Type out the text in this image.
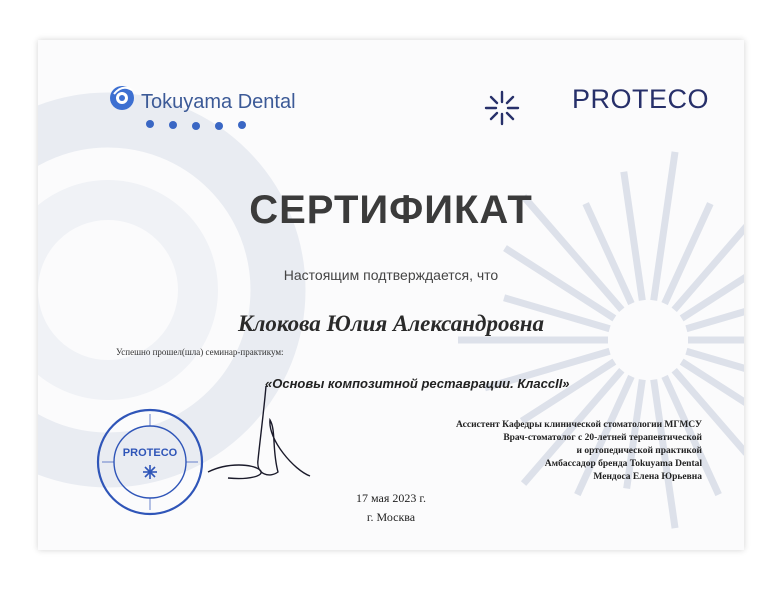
Tokuyama Dental	PROTECO

СЕРТИФИКАТ

Настоящим подтверждается, что

Клокова Юлия Александровна

Успешно прошел(шла) семинар-практикум:

«Основы композитной реставрации. КлассII»

Ассистент Кафедры клинической стоматологии МГМСУ
Врач-стоматолог с 20-летней терапевтической
и ортопедической практикой
Амбассадор бренда Tokuyama Dental
Мендоса Елена Юрьевна

17 мая 2023 г.

г. Москва

PROTECO
